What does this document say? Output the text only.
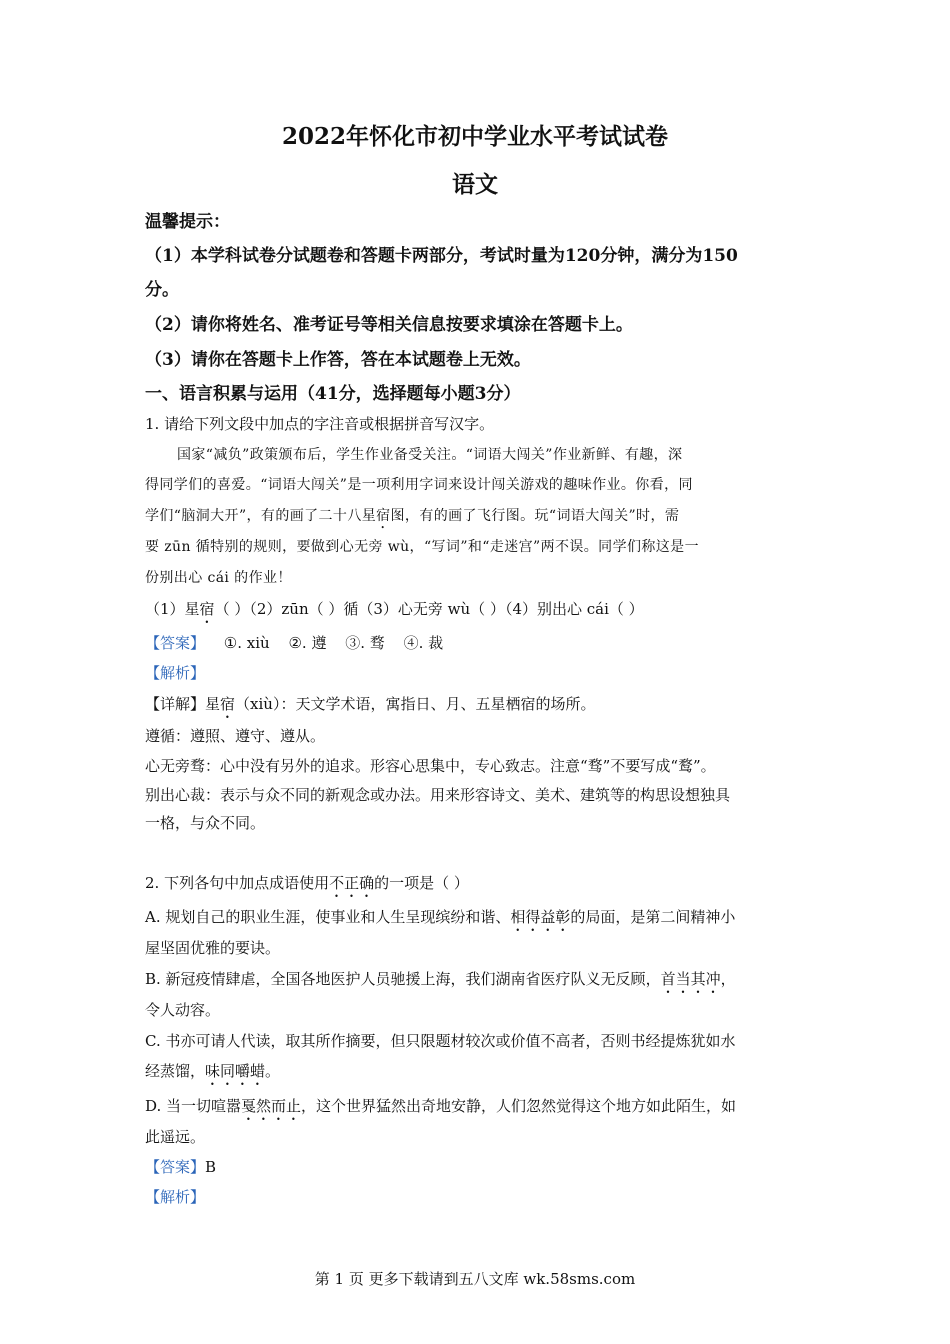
2022年怀化市初中学业水平考试试卷
语文
温馨提示：
（1）本学科试卷分试题卷和答题卡两部分，考试时量为120分钟，满分为150
分。
（2）请你将姓名、准考证号等相关信息按要求填涂在答题卡上。
（3）请你在答题卡上作答，答在本试题卷上无效。
一、语言积累与运用（41分，选择题每小题3分）
1. 请给下列文段中加点的字注音或根据拼音写汉字。
国家“减负”政策颁布后，学生作业备受关注。“词语大闯关”作业新鲜、有趣，深
得同学们的喜爱。“词语大闯关”是一项利用字词来设计闯关游戏的趣味作业。你看，同
学们“脑洞大开”，有的画了二十八星宿图，有的画了飞行图。玩“词语大闯关”时，需
要 zūn 循特别的规则，要做到心无旁 wù，“写词”和“走迷宫”两不误。同学们称这是一
份别出心 cái 的作业！
（1）星宿（ ）（2）zūn（ ）循（3）心无旁 wù（ ）（4）别出心 cái（ ）
【答案】 ①. xiù ②. 遵 ③. 骛 ④. 裁
【解析】
【详解】星宿（xiù）：天文学术语，寓指日、月、五星栖宿的场所。
遵循：遵照、遵守、遵从。
心无旁骛：心中没有另外的追求。形容心思集中，专心致志。注意“骛”不要写成“鹜”。
别出心裁：表示与众不同的新观念或办法。用来形容诗文、美术、建筑等的构思设想独具
一格，与众不同。
2. 下列各句中加点成语使用不正确的一项是（ ）
A. 规划自己的职业生涯，使事业和人生呈现缤纷和谐、相得益彰的局面，是第二间精神小
屋坚固优雅的要诀。
B. 新冠疫情肆虐，全国各地医护人员驰援上海，我们湖南省医疗队义无反顾，首当其冲，
令人动容。
C. 书亦可请人代读，取其所作摘要，但只限题材较次或价值不高者，否则书经提炼犹如水
经蒸馏，味同嚼蜡。
D. 当一切喧嚣戛然而止，这个世界猛然出奇地安静，人们忽然觉得这个地方如此陌生，如
此遥远。
【答案】B
【解析】
第 1 页 更多下载请到五八文库 wk.58sms.com
